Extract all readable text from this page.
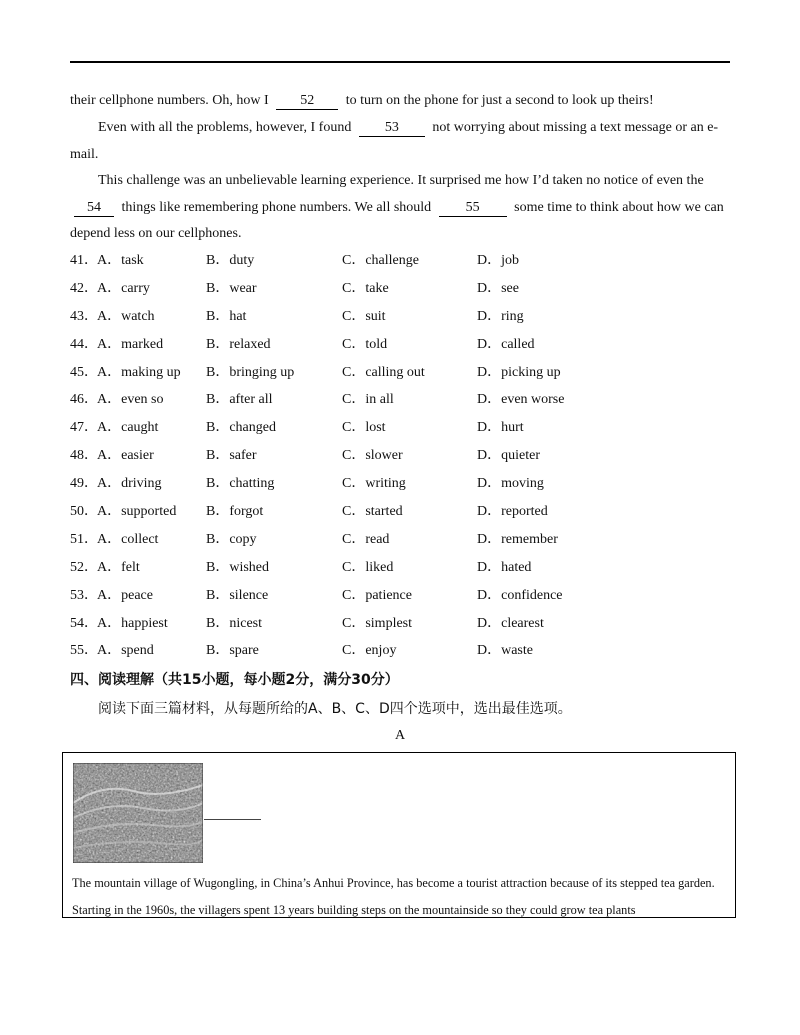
their cellphone numbers. Oh, how I 52 to turn on the phone for just a second to look up theirs!

Even with all the problems, however, I found 53 not worrying about missing a text message or an e-mail.

This challenge was an unbelievable learning experience. It surprised me how I’d taken no notice of even the 54 things like remembering phone numbers. We all should 55 some time to think about how we can depend less on our cellphones.

41． A．task	B．duty	C．challenge	D．job
42． A．carry	B．wear	C．take	D．see
43． A．watch	B．hat	C．suit	D．ring
44． A．marked	B．relaxed	C．told	D．called
45． A．making up B．bringing up	C．calling out	D．picking up
46． A．even so	B．after all	C．in all	D．even worse
47． A．caught	B．changed	C．lost	D．hurt
48． A．easier	B．safer	C．slower	D．quieter
49． A．driving	B．chatting	C．writing	D．moving
50． A．supported B．forgot	C．started	D．reported
51． A．collect	B．copy	C．read	D．remember
52． A．felt	B．wished	C．liked	D．hated
53． A．peace	B．silence	C．patience	D．confidence
54． A．happiest	B．nicest	C．simplest	D．clearest
55． A．spend	B．spare	C．enjoy	D．waste
四、阅读理解（共15小题，每小题2分，满分30分）
阅读下面三篇材料，从每题所给的A、B、C、D四个选项中，选出最佳选项。
A

The mountain village of Wugongling, in China’s Anhui Province, has become a tourist attraction because of its stepped tea garden. Starting in the 1960s, the villagers spent 13 years building steps on the mountainside so they could grow tea plants
